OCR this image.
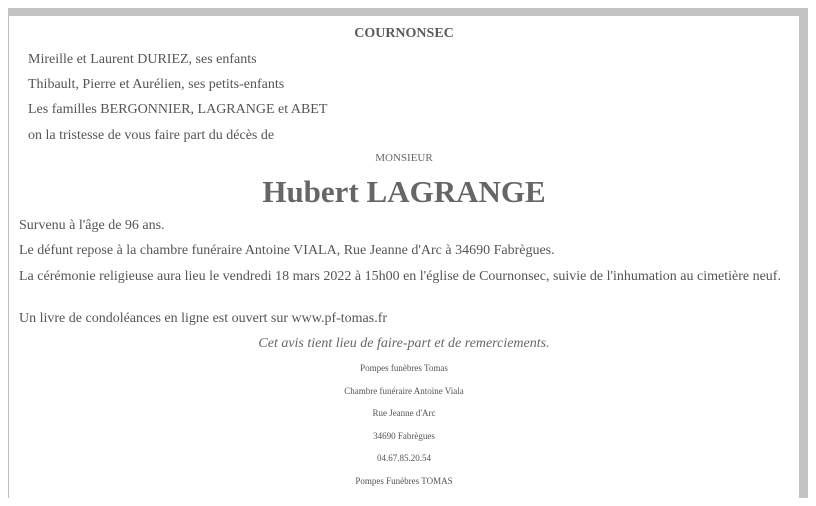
COURNONSEC
Mireille et Laurent DURIEZ, ses enfants
Thibault, Pierre et Aurélien, ses petits-enfants
Les familles BERGONNIER, LAGRANGE et ABET
on la tristesse de vous faire part du décès de
MONSIEUR
Hubert LAGRANGE
Survenu à l'âge de 96 ans.
Le défunt repose à la chambre funéraire Antoine VIALA, Rue Jeanne d'Arc à 34690 Fabrègues.
La cérémonie religieuse aura lieu le vendredi 18 mars 2022 à 15h00 en l'église de Cournonsec, suivie de l'inhumation au cimetière neuf.
Un livre de condoléances en ligne est ouvert sur www.pf-tomas.fr
Cet avis tient lieu de faire-part et de remerciements.
Pompes funèbres Tomas
Chambre funéraire Antoine Viala
Rue Jeanne d'Arc
34690 Fabrègues
04.67.85.20.54
Pompes Funèbres TOMAS
